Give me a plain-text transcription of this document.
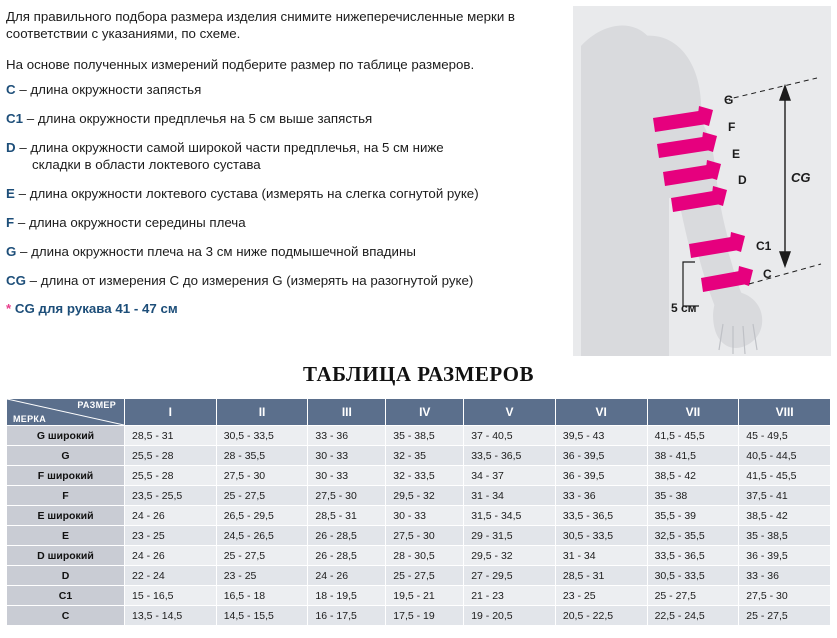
Для правильного подбора размера изделия снимите нижеперечисленные мерки в соответствии с указаниями, по схеме.

На основе полученных измерений подберите размер по таблице размеров.

C – длина окружности запястья
C1 – длина окружности предплечья на 5 см выше запястья
D – длина окружности самой широкой части предплечья, на 5 см ниже
складки в области локтевого сустава
E – длина окружности локтевого сустава (измерять на слегка согнутой руке)
F – длина окружности середины плеча
G – длина окружности плеча на 3 см ниже подмышечной впадины
CG – длина от измерения C до измерения G (измерять на разогнутой руке)
* CG для рукава 41 - 47 см
G
F
E
D
C1
C
CG
5 см
ТАБЛИЦА РАЗМЕРОВ
РАЗМЕР
МЕРКА	I	II	III	IV	V	VI	VII	VIII
G широкий	28,5 - 31	30,5 - 33,5	33 - 36	35 - 38,5	37 - 40,5	39,5 - 43	41,5 - 45,5	45 - 49,5
G	25,5 - 28	28 - 35,5	30 - 33	32 - 35	33,5 - 36,5	36 - 39,5	38 - 41,5	40,5 - 44,5
F широкий	25,5 - 28	27,5 - 30	30 - 33	32 - 33,5	34 - 37	36 - 39,5	38,5 - 42	41,5 - 45,5
F	23,5 - 25,5	25 - 27,5	27,5 - 30	29,5 - 32	31 - 34	33 - 36	35 - 38	37,5 - 41
E широкий	24 - 26	26,5 - 29,5	28,5 - 31	30 - 33	31,5 - 34,5	33,5 - 36,5	35,5 - 39	38,5 - 42
E	23 - 25	24,5 - 26,5	26 - 28,5	27,5 - 30	29 - 31,5	30,5 - 33,5	32,5 - 35,5	35 - 38,5
D широкий	24 - 26	25 - 27,5	26 - 28,5	28 - 30,5	29,5 - 32	31 - 34	33,5 - 36,5	36 - 39,5
D	22 - 24	23 - 25	24 - 26	25 - 27,5	27 - 29,5	28,5 - 31	30,5 - 33,5	33 - 36
C1	15 - 16,5	16,5 - 18	18 - 19,5	19,5 - 21	21 - 23	23 - 25	25 - 27,5	27,5 - 30
C	13,5 - 14,5	14,5 - 15,5	16 - 17,5	17,5 - 19	19 - 20,5	20,5 - 22,5	22,5 - 24,5	25 - 27,5
